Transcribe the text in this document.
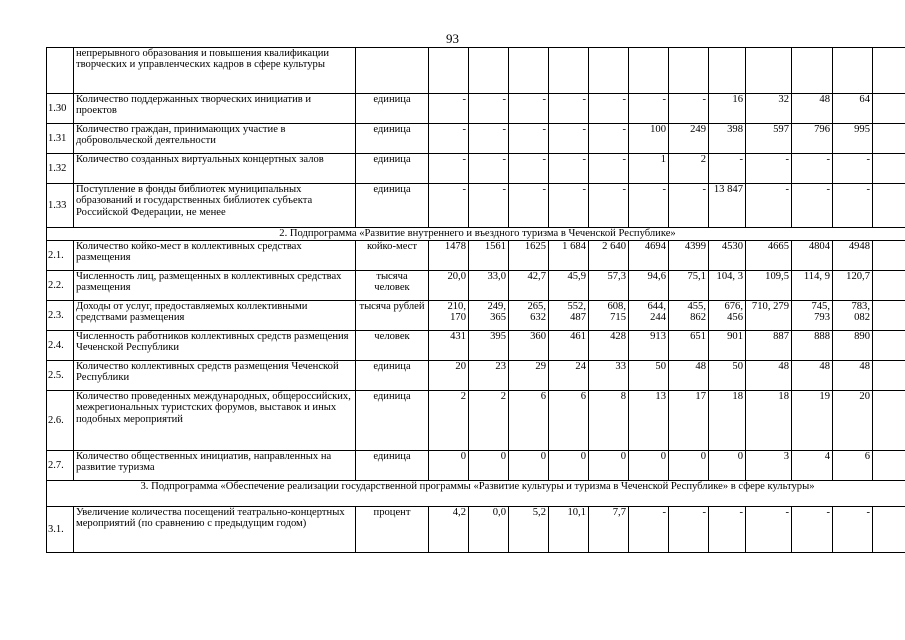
93
	непрерывного образования и повышения квалификации творческих и управленческих кадров в сфере культуры													
1.30	Количество поддержанных творческих инициатив и проектов	единица	-	-	-	-	-	-	-	16	32	48	64	
1.31	Количество граждан, принимающих участие в добровольческой деятельности	единица	-	-	-	-	-	100	249	398	597	796	995	
1.32	Количество созданных виртуальных концертных залов	единица	-	-	-	-	-	1	2	-	-	-	-	
1.33	Поступление в фонды библиотек муниципальных образований и государственных библиотек субъекта Российской Федерации, не менее	единица	-	-	-	-	-	-	-	13 847	-	-	-	
2. Подпрограмма «Развитие внутреннего и въездного туризма в Чеченской Республике»														
2.1.	Количество койко-мест в коллективных средствах размещения	койко-мест	1478	1561	1625	1 684	2 640	4694	4399	4530	4665	4804	4948	
2.2.	Численность лиц, размещенных в коллективных средствах размещения	тысяча человек	20,0	33,0	42,7	45,9	57,3	94,6	75,1	104, 3	109,5	114, 9	120,7	
2.3.	Доходы от услуг, предоставляемых коллективными средствами размещения	тысяча рублей	210, 170	249, 365	265, 632	552, 487	608, 715	644, 244	455, 862	676, 456	710, 279	745, 793	783, 082	
2.4.	Численность работников коллективных средств размещения Чеченской Республики	человек	431	395	360	461	428	913	651	901	887	888	890	
2.5.	Количество коллективных средств размещения Чеченской Республики	единица	20	23	29	24	33	50	48	50	48	48	48	
2.6.	Количество проведенных международных, общероссийских, межрегиональных туристских форумов, выставок и иных подобных мероприятий	единица	2	2	6	6	8	13	17	18	18	19	20	
2.7.	Количество общественных инициатив, направленных на развитие туризма	единица	0	0	0	0	0	0	0	0	3	4	6	
3. Подпрограмма «Обеспечение реализации государственной программы «Развитие культуры и туризма в Чеченской Республике» в сфере культуры»														
3.1.	Увеличение количества посещений театрально-концертных мероприятий (по сравнению с предыдущим годом)	процент	4,2	0,0	5,2	10,1	7,7	-	-	-	-	-	-	
